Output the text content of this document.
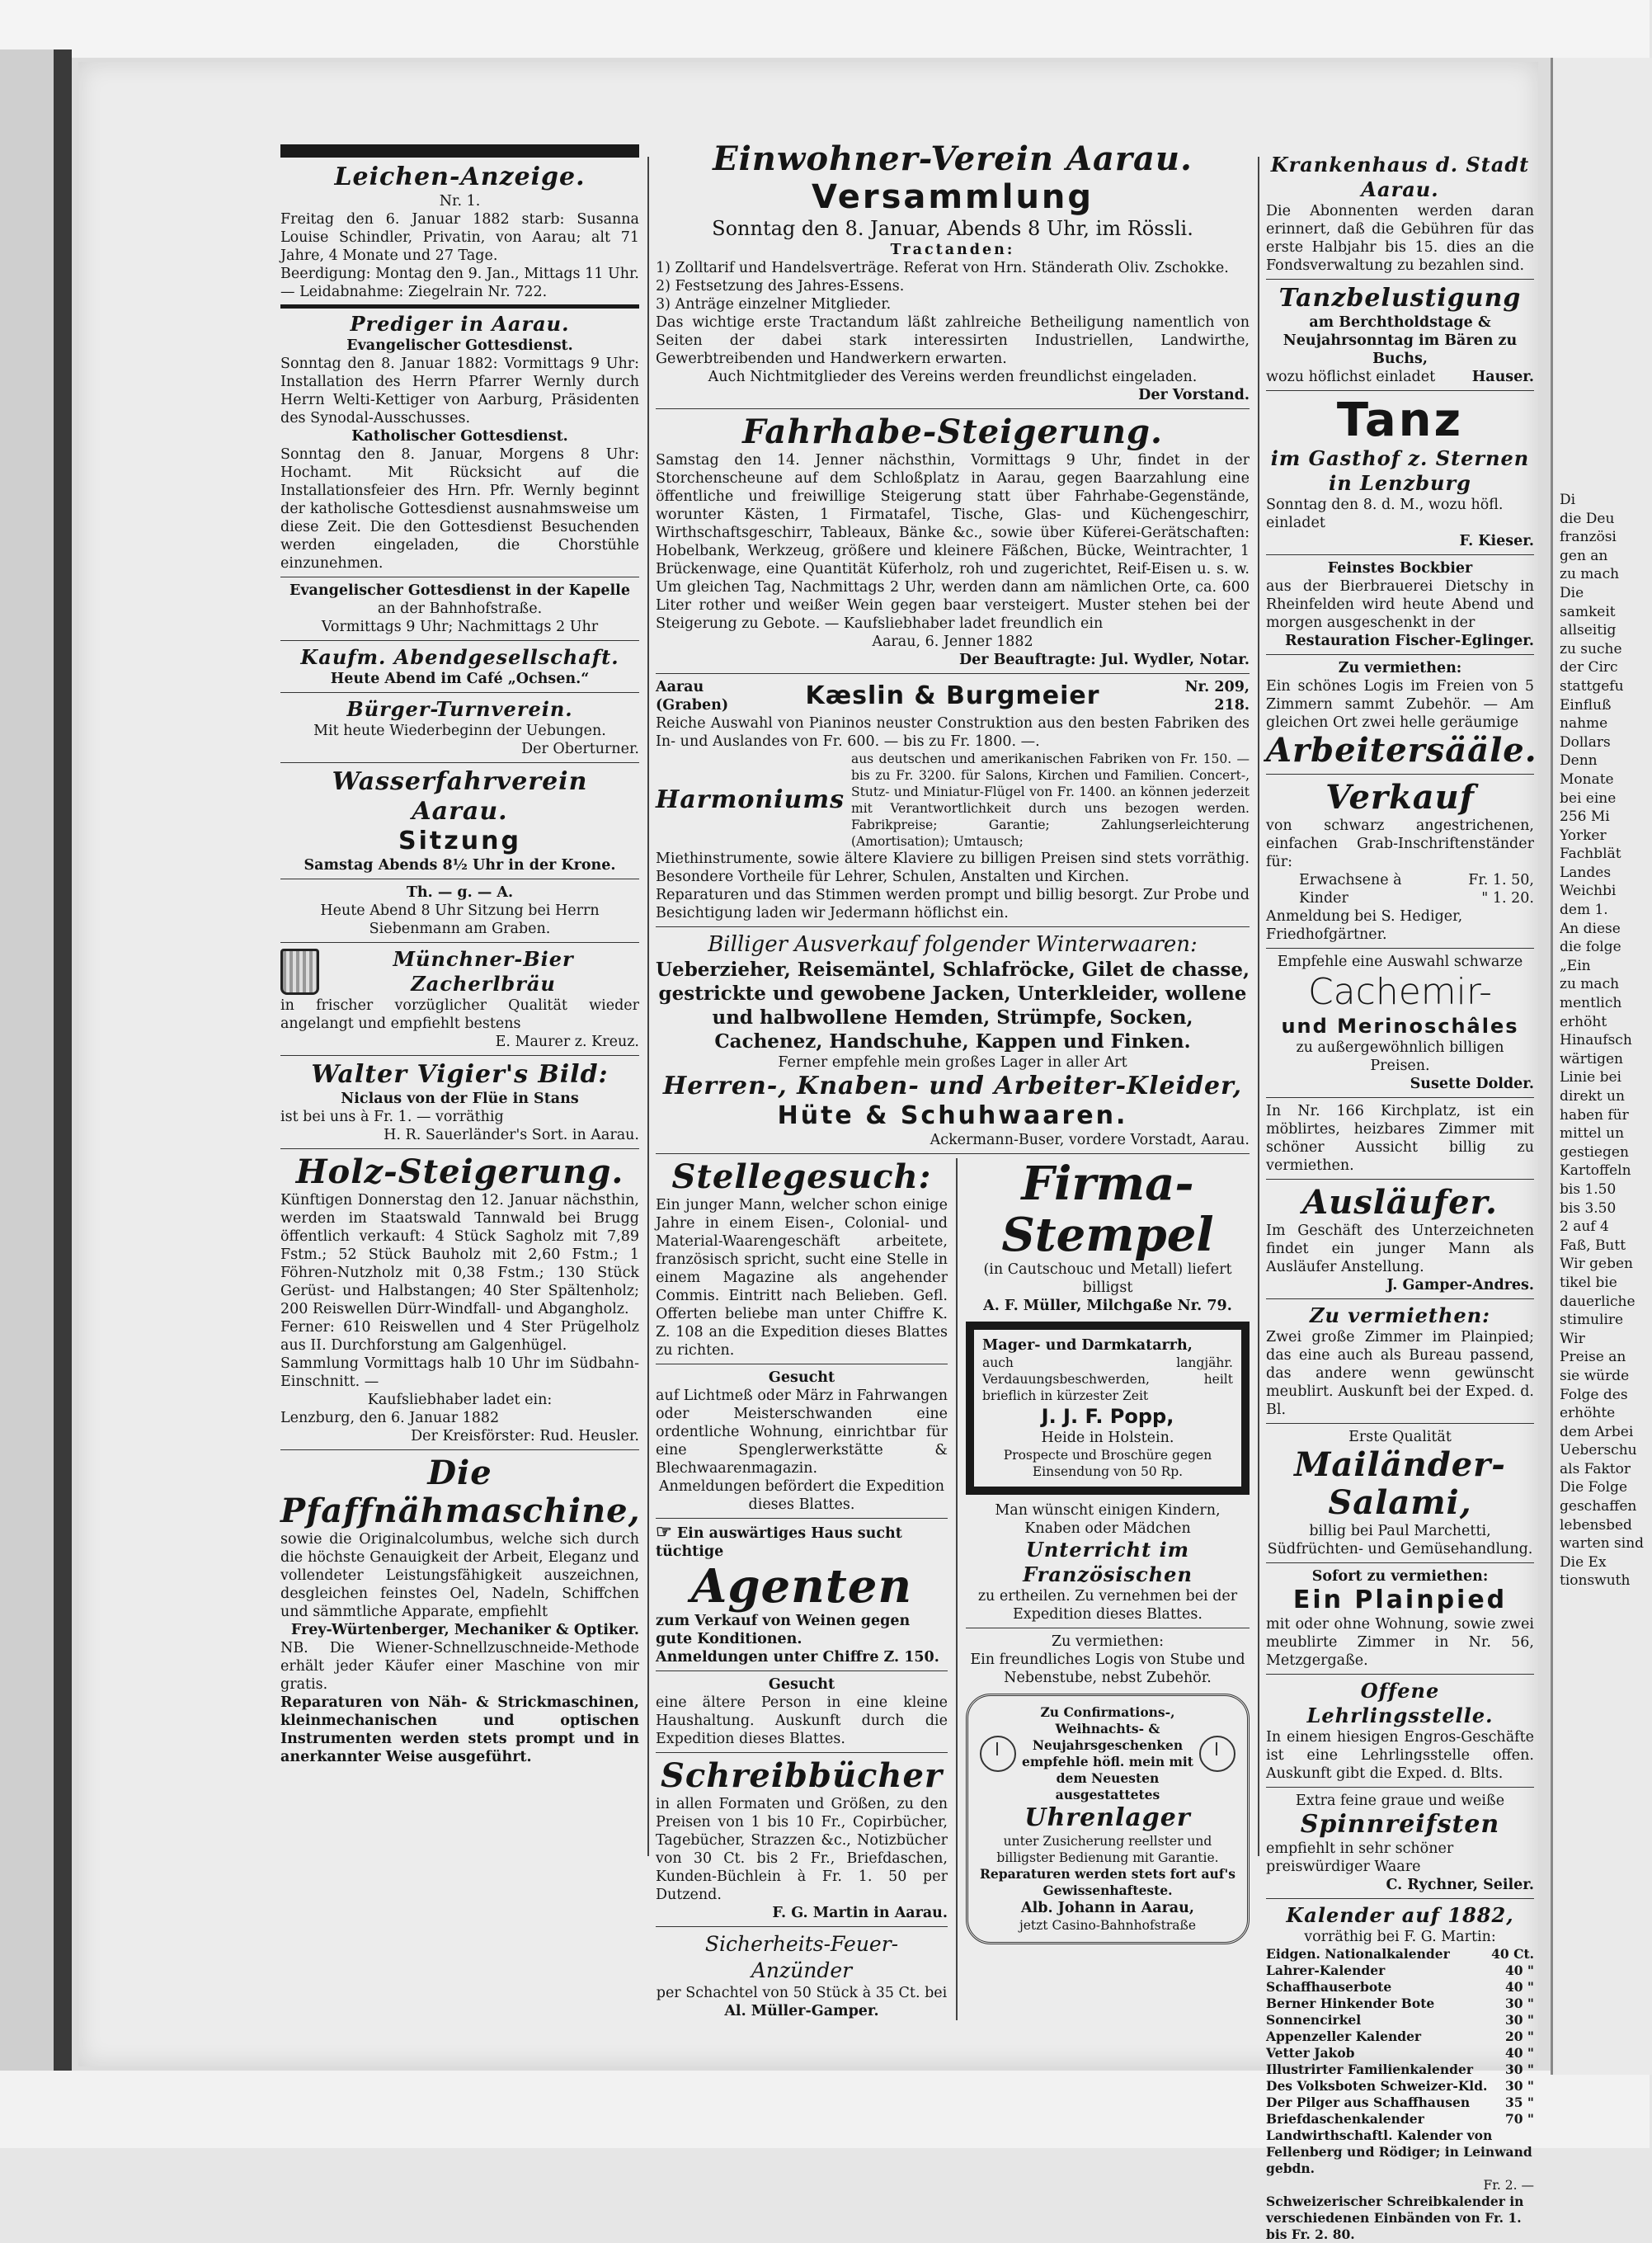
Leichen-Anzeige.
Nr. 1.
Freitag den 6. Januar 1882 starb: Susanna Louise Schindler, Privatin, von Aarau; alt 71 Jahre, 4 Monate und 27 Tage.
Beerdigung: Montag den 9. Jan., Mittags 11 Uhr. — Leidabnahme: Ziegelrain Nr. 722.
Prediger in Aarau.
Evangelischer Gottesdienst.
Sonntag den 8. Januar 1882: Vormittags 9 Uhr: Installation des Herrn Pfarrer Wernly durch Herrn Welti-Kettiger von Aarburg, Präsidenten des Synodal-Ausschusses.
Katholischer Gottesdienst.
Sonntag den 8. Januar, Morgens 8 Uhr: Hochamt. Mit Rücksicht auf die Installationsfeier des Hrn. Pfr. Wernly beginnt der katholische Gottesdienst ausnahmsweise um diese Zeit. Die den Gottesdienst Besuchenden werden eingeladen, die Chorstühle einzunehmen.
Evangelischer Gottesdienst in der Kapelle
an der Bahnhofstraße.
Vormittags 9 Uhr; Nachmittags 2 Uhr
Kaufm. Abendgesellschaft.
Heute Abend im Café „Ochsen.“
Bürger-Turnverein.
Mit heute Wiederbeginn der Uebungen.
Der Oberturner.
Wasserfahrverein Aarau.
Sitzung
Samstag Abends 8½ Uhr in der Krone.
Th. — g. — A.
Heute Abend 8 Uhr Sitzung bei Herrn Siebenmann am Graben.
Münchner-Bier Zacherlbräu
in frischer vorzüglicher Qualität wieder angelangt und empfiehlt bestens
E. Maurer z. Kreuz.
Walter Vigier's Bild:
Niclaus von der Flüe in Stans
ist bei uns à Fr. 1. — vorräthig
H. R. Sauerländer's Sort. in Aarau.
Holz-Steigerung.
Künftigen Donnerstag den 12. Januar nächsthin, werden im Staatswald Tannwald bei Brugg öffentlich verkauft: 4 Stück Sagholz mit 7,89 Fstm.; 52 Stück Bauholz mit 2,60 Fstm.; 1 Föhren-Nutzholz mit 0,38 Fstm.; 130 Stück Gerüst- und Halbstangen; 40 Ster Spältenholz; 200 Reiswellen Dürr-Windfall- und Abgangholz.
Ferner: 610 Reiswellen und 4 Ster Prügelholz aus II. Durchforstung am Galgenhügel.
Sammlung Vormittags halb 10 Uhr im Südbahn-Einschnitt. —
Kaufsliebhaber ladet ein:
Lenzburg, den 6. Januar 1882
Der Kreisförster: Rud. Heusler.
Die Pfaffnähmaschine,
sowie die Originalcolumbus, welche sich durch die höchste Genauigkeit der Arbeit, Eleganz und vollendeter Leistungsfähigkeit auszeichnen, desgleichen feinstes Oel, Nadeln, Schiffchen und sämmtliche Apparate, empfiehlt
Frey-Würtenberger, Mechaniker & Optiker.
NB. Die Wiener-Schnellzuschneide-Methode erhält jeder Käufer einer Maschine von mir gratis.
Reparaturen von Näh- & Strickmaschinen, kleinmechanischen und optischen Instrumenten werden stets prompt und in anerkannter Weise ausgeführt.
Einwohner-Verein Aarau.
Versammlung
Sonntag den 8. Januar, Abends 8 Uhr, im Rössli.
Tractanden:
1) Zolltarif und Handelsverträge. Referat von Hrn. Ständerath Oliv. Zschokke.
2) Festsetzung des Jahres-Essens.
3) Anträge einzelner Mitglieder.
Das wichtige erste Tractandum läßt zahlreiche Betheiligung namentlich von Seiten der dabei stark interessirten Industriellen, Landwirthe, Gewerbtreibenden und Handwerkern erwarten.
Auch Nichtmitglieder des Vereins werden freundlichst eingeladen.
Der Vorstand.
Fahrhabe-Steigerung.
Samstag den 14. Jenner nächsthin, Vormittags 9 Uhr, findet in der Storchenscheune auf dem Schloßplatz in Aarau, gegen Baarzahlung eine öffentliche und freiwillige Steigerung statt über Fahrhabe-Gegenstände, worunter Kästen, 1 Firmatafel, Tische, Glas- und Küchengeschirr, Wirthschaftsgeschirr, Tableaux, Bänke &c., sowie über Küferei-Gerätschaften: Hobelbank, Werkzeug, größere und kleinere Fäßchen, Bücke, Weintrachter, 1 Brückenwage, eine Quantität Küferholz, roh und zugerichtet, Reif-Eisen u. s. w. Um gleichen Tag, Nachmittags 2 Uhr, werden dann am nämlichen Orte, ca. 600 Liter rother und weißer Wein gegen baar versteigert. Muster stehen bei der Steigerung zu Gebote. — Kaufsliebhaber ladet freundlich ein
Aarau, 6. Jenner 1882
Der Beauftragte: Jul. Wydler, Notar.
Aarau (Graben)	Kæslin & Burgmeier	Nr. 209, 218.
Reiche Auswahl von Pianinos neuster Construktion aus den besten Fabriken des In- und Auslandes von Fr. 600. — bis zu Fr. 1800. —.
Harmoniums
aus deutschen und amerikanischen Fabriken von Fr. 150. — bis zu Fr. 3200. für Salons, Kirchen und Familien. Concert-, Stutz- und Miniatur-Flügel von Fr. 1400. an können jederzeit mit Verantwortlichkeit durch uns bezogen werden. Fabrikpreise; Garantie; Zahlungserleichterung (Amortisation); Umtausch;
Miethinstrumente, sowie ältere Klaviere zu billigen Preisen sind stets vorräthig. Besondere Vortheile für Lehrer, Schulen, Anstalten und Kirchen.
Reparaturen und das Stimmen werden prompt und billig besorgt. Zur Probe und Besichtigung laden wir Jedermann höflichst ein.
Billiger Ausverkauf folgender Winterwaaren:
Ueberzieher, Reisemäntel, Schlafröcke, Gilet de chasse, gestrickte und gewobene Jacken, Unterkleider, wollene und halbwollene Hemden, Strümpfe, Socken, Cachenez, Handschuhe, Kappen und Finken.
Ferner empfehle mein großes Lager in aller Art
Herren-, Knaben- und Arbeiter-Kleider,
Hüte & Schuhwaaren.
Ackermann-Buser, vordere Vorstadt, Aarau.
Stellegesuch:
Ein junger Mann, welcher schon einige Jahre in einem Eisen-, Colonial- und Material-Waarengeschäft arbeitete, französisch spricht, sucht eine Stelle in einem Magazine als angehender Commis. Eintritt nach Belieben. Gefl. Offerten beliebe man unter Chiffre K. Z. 108 an die Expedition dieses Blattes zu richten.
Gesucht
auf Lichtmeß oder März in Fahrwangen oder Meisterschwanden eine ordentliche Wohnung, einrichtbar für eine Spenglerwerkstätte & Blechwaarenmagazin.
Anmeldungen befördert die Expedition dieses Blattes.
☞ Ein auswärtiges Haus sucht tüchtige
Agenten
zum Verkauf von Weinen gegen gute Konditionen.
Anmeldungen unter Chiffre Z. 150.
Gesucht
eine ältere Person in eine kleine Haushaltung. Auskunft durch die Expedition dieses Blattes.
Schreibbücher
in allen Formaten und Größen, zu den Preisen von 1 bis 10 Fr., Copirbücher, Tagebücher, Strazzen &c., Notizbücher von 30 Ct. bis 2 Fr., Briefdaschen, Kunden-Büchlein à Fr. 1. 50 per Dutzend.
F. G. Martin in Aarau.
Sicherheits-Feuer-Anzünder
per Schachtel von 50 Stück à 35 Ct. bei
Al. Müller-Gamper.
Firma-Stempel
(in Cautschouc und Metall) liefert billigst
A. F. Müller, Milchgaße Nr. 79.
Mager- und Darmkatarrh,
auch langjähr. Verdauungsbeschwerden, heilt brieflich in kürzester Zeit
J. J. F. Popp,
Heide in Holstein.
Prospecte und Broschüre gegen Einsendung von 50 Rp.
Man wünscht einigen Kindern, Knaben oder Mädchen
Unterricht im Französischen
zu ertheilen. Zu vernehmen bei der Expedition dieses Blattes.
Zu vermiethen:
Ein freundliches Logis von Stube und Nebenstube, nebst Zubehör.
Zu Confirmations-, Weihnachts- & Neujahrsgeschenken empfehle höfl. mein mit dem Neuesten ausgestattetes
Uhrenlager
unter Zusicherung reellster und billigster Bedienung mit Garantie.
Reparaturen werden stets fort auf's Gewissenhafteste.
Alb. Johann in Aarau,
jetzt Casino-Bahnhofstraße
Krankenhaus d. Stadt Aarau.
Die Abonnenten werden daran erinnert, daß die Gebühren für das erste Halbjahr bis 15. dies an die Fondsverwaltung zu bezahlen sind.
Tanzbelustigung
am Berchtholdstage & Neujahrsonntag im Bären zu Buchs,
wozu höflichst einladet	Hauser.
Tanz
im Gasthof z. Sternen in Lenzburg
Sonntag den 8. d. M., wozu höfl. einladet
F. Kieser.
Feinstes Bockbier
aus der Bierbrauerei Dietschy in Rheinfelden wird heute Abend und morgen ausgeschenkt in der
Restauration Fischer-Eglinger.
Zu vermiethen:
Ein schönes Logis im Freien von 5 Zimmern sammt Zubehör. — Am gleichen Ort zwei helle geräumige
Arbeitersääle.
Verkauf
von schwarz angestrichenen, einfachen Grab-Inschriftenständer für:
Erwachsene à	Fr. 1. 50,
Kinder	" 1. 20.
Anmeldung bei S. Hediger, Friedhofgärtner.
Empfehle eine Auswahl schwarze
Cachemir-
und Merinoschâles
zu außergewöhnlich billigen Preisen.
Susette Dolder.
In Nr. 166 Kirchplatz, ist ein möblirtes, heizbares Zimmer mit schöner Aussicht billig zu vermiethen.
Ausläufer.
Im Geschäft des Unterzeichneten findet ein junger Mann als Ausläufer Anstellung.
J. Gamper-Andres.
Zu vermiethen:
Zwei große Zimmer im Plainpied; das eine auch als Bureau passend, das andere wenn gewünscht meublirt. Auskunft bei der Exped. d. Bl.
Erste Qualität
Mailänder-Salami,
billig bei Paul Marchetti, Südfrüchten- und Gemüsehandlung.
Sofort zu vermiethen:
Ein Plainpied
mit oder ohne Wohnung, sowie zwei meublirte Zimmer in Nr. 56, Metzgergaße.
Offene Lehrlingsstelle.
In einem hiesigen Engros-Geschäfte ist eine Lehrlingsstelle offen. Auskunft gibt die Exped. d. Blts.
Extra feine graue und weiße
Spinnreifsten
empfiehlt in sehr schöner preiswürdiger Waare
C. Rychner, Seiler.
Kalender auf 1882,
vorräthig bei F. G. Martin:
Eidgen. Nationalkalender	40 Ct.
Lahrer-Kalender	40 "
Schaffhauserbote	40 "
Berner Hinkender Bote	30 "
Sonnencirkel	30 "
Appenzeller Kalender	20 "
Vetter Jakob	40 "
Illustrirter Familienkalender	30 "
Des Volksboten Schweizer-Kld. 30 "
Der Pilger aus Schaffhausen	35 "
Briefdaschenkalender	70 "
Landwirthschaftl. Kalender von Fellenberg und Rödiger; in Leinwand gebdn.
Fr. 2. —
Schweizerischer Schreibkalender in verschiedenen Einbänden von Fr. 1. bis Fr. 2. 80.
Di
die Deu
französi
gen an
zu mach
Die
samkeit
allseitig
zu suche
der Circ
stattgefu
Einfluß
nahme
Dollars
Denn
Monate
bei eine
256 Mi
Yorker
Fachblät
Landes
Weichbi
dem 1.
An diese
die folge
„Ein
zu mach
mentlich
erhöht
Hinaufsch
wärtigen
Linie bei
direkt un
haben für
mittel un
gestiegen
Kartoffeln
bis 1.50
bis 3.50
2 auf 4
Faß, Butt
Wir geben
tikel bie
dauerliche
stimulire
Wir
Preise an
sie würde
Folge des
erhöhte
dem Arbei
Ueberschu
als Faktor
Die Folge
geschaffen
lebensbed
warten sind
Die Ex
tionswuth
